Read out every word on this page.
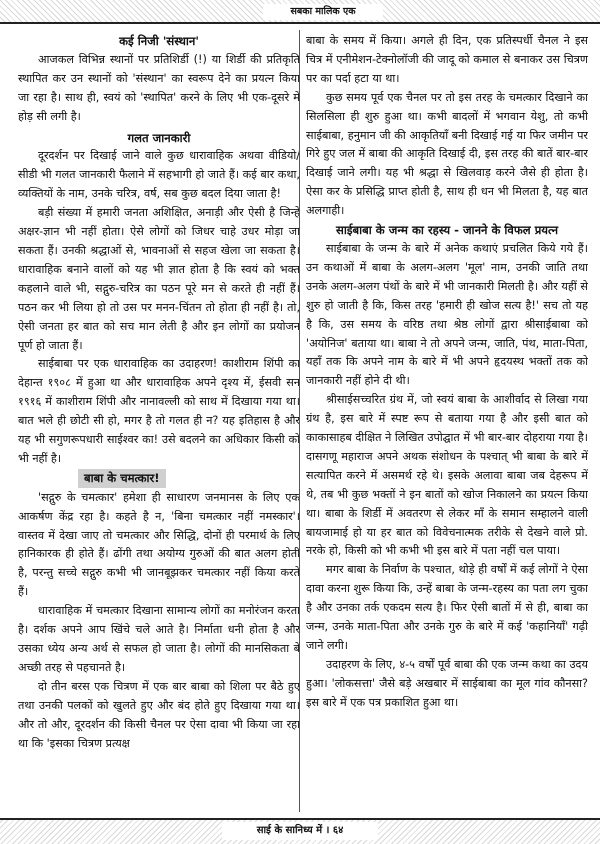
सबका मालिक एक
कई निजी 'संस्थान'
आजकल विभिन्न स्थानों पर प्रतिशिर्डी (!) या शिर्डी की प्रतिकृति स्थापित कर उन स्थानों को 'संस्थान' का स्वरूप देने का प्रयत्न किया जा रहा है। साथ ही, स्वयं को 'स्थापित' करने के लिए भी एक-दूसरे में होड़ सी लगी है।
गलत जानकारी
दूरदर्शन पर दिखाई जाने वाले कुछ धारावाहिक अथवा वीडियो/सीडी भी गलत जानकारी फैलाने में सहभागी हो जाते हैं। कई बार कथा, व्यक्तियों के नाम, उनके चरित्र, वर्ष, सब कुछ बदल दिया जाता है!
बड़ी संख्या में हमारी जनता अशिक्षित, अनाड़ी और ऐसी है जिन्हें अक्षर-ज्ञान भी नहीं होता। ऐसे लोगों को जिधर चाहे उधर मोड़ा जा सकता हैं। उनकी श्रद्धाओं से, भावनाओं से सहज खेला जा सकता है। धारावाहिक बनाने वालों को यह भी ज्ञात होता है कि स्वयं को भक्त कहलाने वाले भी, सद्गुरु-चरित्र का पठन पूरे मन से करते ही नहीं हैं। पठन कर भी लिया हो तो उस पर मनन-चिंतन तो होता ही नहीं है। तो, ऐसी जनता हर बात को सच मान लेती है और इन लोगों का प्रयोजन पूर्ण हो जाता हैं।
साईबाबा पर एक धारावाहिक का उदाहरण! काशीराम शिंपी का देहान्त १९०८ में हुआ था और धारावाहिक अपने दृश्य में, ईसवी सन १९१६ में काशीराम शिंपी और नानावल्ली को साथ में दिखाया गया था। बात भले ही छोटी सी हो, मगर है तो गलत ही न? यह इतिहास है और यह भी सगुणरूपधारी साईश्वर का! उसे बदलने का अधिकार किसी को भी नहीं है।
बाबा के चमत्कार!
'सद्गुरु के चमत्कार' हमेशा ही साधारण जनमानस के लिए एक आकर्षण केंद्र रहा है। कहते है न, 'बिना चमत्कार नहीं नमस्कार'। वास्तव में देखा जाए तो चमत्कार और सिद्धि, दोनों ही परमार्थ के लिए हानिकारक ही होते हैं। ढोंगी तथा अयोग्य गुरुओं की बात अलग होती है, परन्तु सच्चे सद्गुरु कभी भी जानबूझकर चमत्कार नहीं किया करते हैं।
धारावाहिक में चमत्कार दिखाना सामान्य लोगों का मनोरंजन करता है। दर्शक अपने आप खिंचे चले आते है। निर्माता धनी होता है और उसका ध्येय अन्य अर्थ से सफल हो जाता है। लोगों की मानसिकता बे अच्छी तरह से पहचानते है।
दो तीन बरस एक चित्रण में एक बार बाबा को शिला पर बैठे हुए तथा उनकी पलकों को खुलते हुए और बंद होते हुए दिखाया गया था। और तो और, दूरदर्शन की किसी चैनल पर ऐसा दावा भी किया जा रहा था कि 'इसका चित्रण प्रत्यक्ष
बाबा के समय में किया। अगले ही दिन, एक प्रतिस्पर्धी चैनल ने इस चित्र में एनीमेशन-टेक्नोलॉजी की जादू को कमाल से बनाकर उस चित्रण पर का पर्दा हटा या था।
कुछ समय पूर्व एक चैनल पर तो इस तरह के चमत्कार दिखाने का सिलसिला ही शुरु हुआ था। कभी बादलों में भगवान येशु, तो कभी साईबाबा, हनुमान जी की आकृतियाँ बनी दिखाई गई या फिर जमीन पर गिरे हुए जल में बाबा की आकृति दिखाई दी, इस तरह की बातें बार-बार दिखाई जाने लगी। यह भी श्रद्धा से खिलवाड़ करने जैसे ही होता है। ऐसा कर के प्रसिद्धि प्राप्त होती है, साथ ही धन भी मिलता है, यह बात अलगाही।
साईबाबा के जन्म का रहस्य - जानने के विफल प्रयत्न
साईबाबा के जन्म के बारे में अनेक कथाएं प्रचलित किये गये हैं। उन कथाओं में बाबा के अलग-अलग 'मूल' नाम, उनकी जाति तथा उनके अलग-अलग पंथों के बारे में भी जानकारी मिलती है। और यहीं से शुरु हो जाती है कि, किस तरह 'हमारी ही खोज सत्य है!' सच तो यह है कि, उस समय के वरिष्ठ तथा श्रेष्ठ लोगों द्वारा श्रीसाईबाबा को 'अयोनिज' बताया था। बाबा ने तो अपने जन्म, जाति, पंथ, माता-पिता, यहाँ तक कि अपने नाम के बारे में भी अपने हृदयस्थ भक्तों तक को जानकारी नहीं होने दी थी।
श्रीसाईसच्चरित ग्रंथ में, जो स्वयं बाबा के आशीर्वाद से लिखा गया ग्रंथ है, इस बारे में स्पष्ट रूप से बताया गया है और इसी बात को काकासाहब दीक्षित ने लिखित उपोद्घात में भी बार-बार दोहराया गया है। दासगणू महाराज अपने अथक संशोधन के पश्चात् भी बाबा के बारे में सत्यापित करने में असमर्थ रहे थे। इसके अलावा बाबा जब देहरूप में थे, तब भी कुछ भक्तों ने इन बातों को खोज निकालने का प्रयत्न किया था। बाबा के शिर्डी में अवतरण से लेकर माँ के समान सम्हालने वाली बायजामाई हो या हर बात को विवेचनात्मक तरीके से देखने वाले प्रो. नरके हो, किसी को भी कभी भी इस बारे में पता नहीं चल पाया।
मगर बाबा के निर्वाण के पश्चात, थोड़े ही वर्षों में कई लोगों ने ऐसा दावा करना शुरू किया कि, उन्हें बाबा के जन्म-रहस्य का पता लग चुका है और उनका तर्क एकदम सत्य है। फिर ऐसी बातों में से ही, बाबा का जन्म, उनके माता-पिता और उनके गुरु के बारे में कई 'कहानियाँ' गढ़ी जाने लगी।
उदाहरण के लिए, ४-५ वर्षों पूर्व बाबा की एक जन्म कथा का उदय हुआ। 'लोकसत्ता' जैसे बड़े अखबार में साईबाबा का मूल गांव कौनसा? इस बारे में एक पत्र प्रकाशित हुआ था।
साई के सानिध्य में । ६४
